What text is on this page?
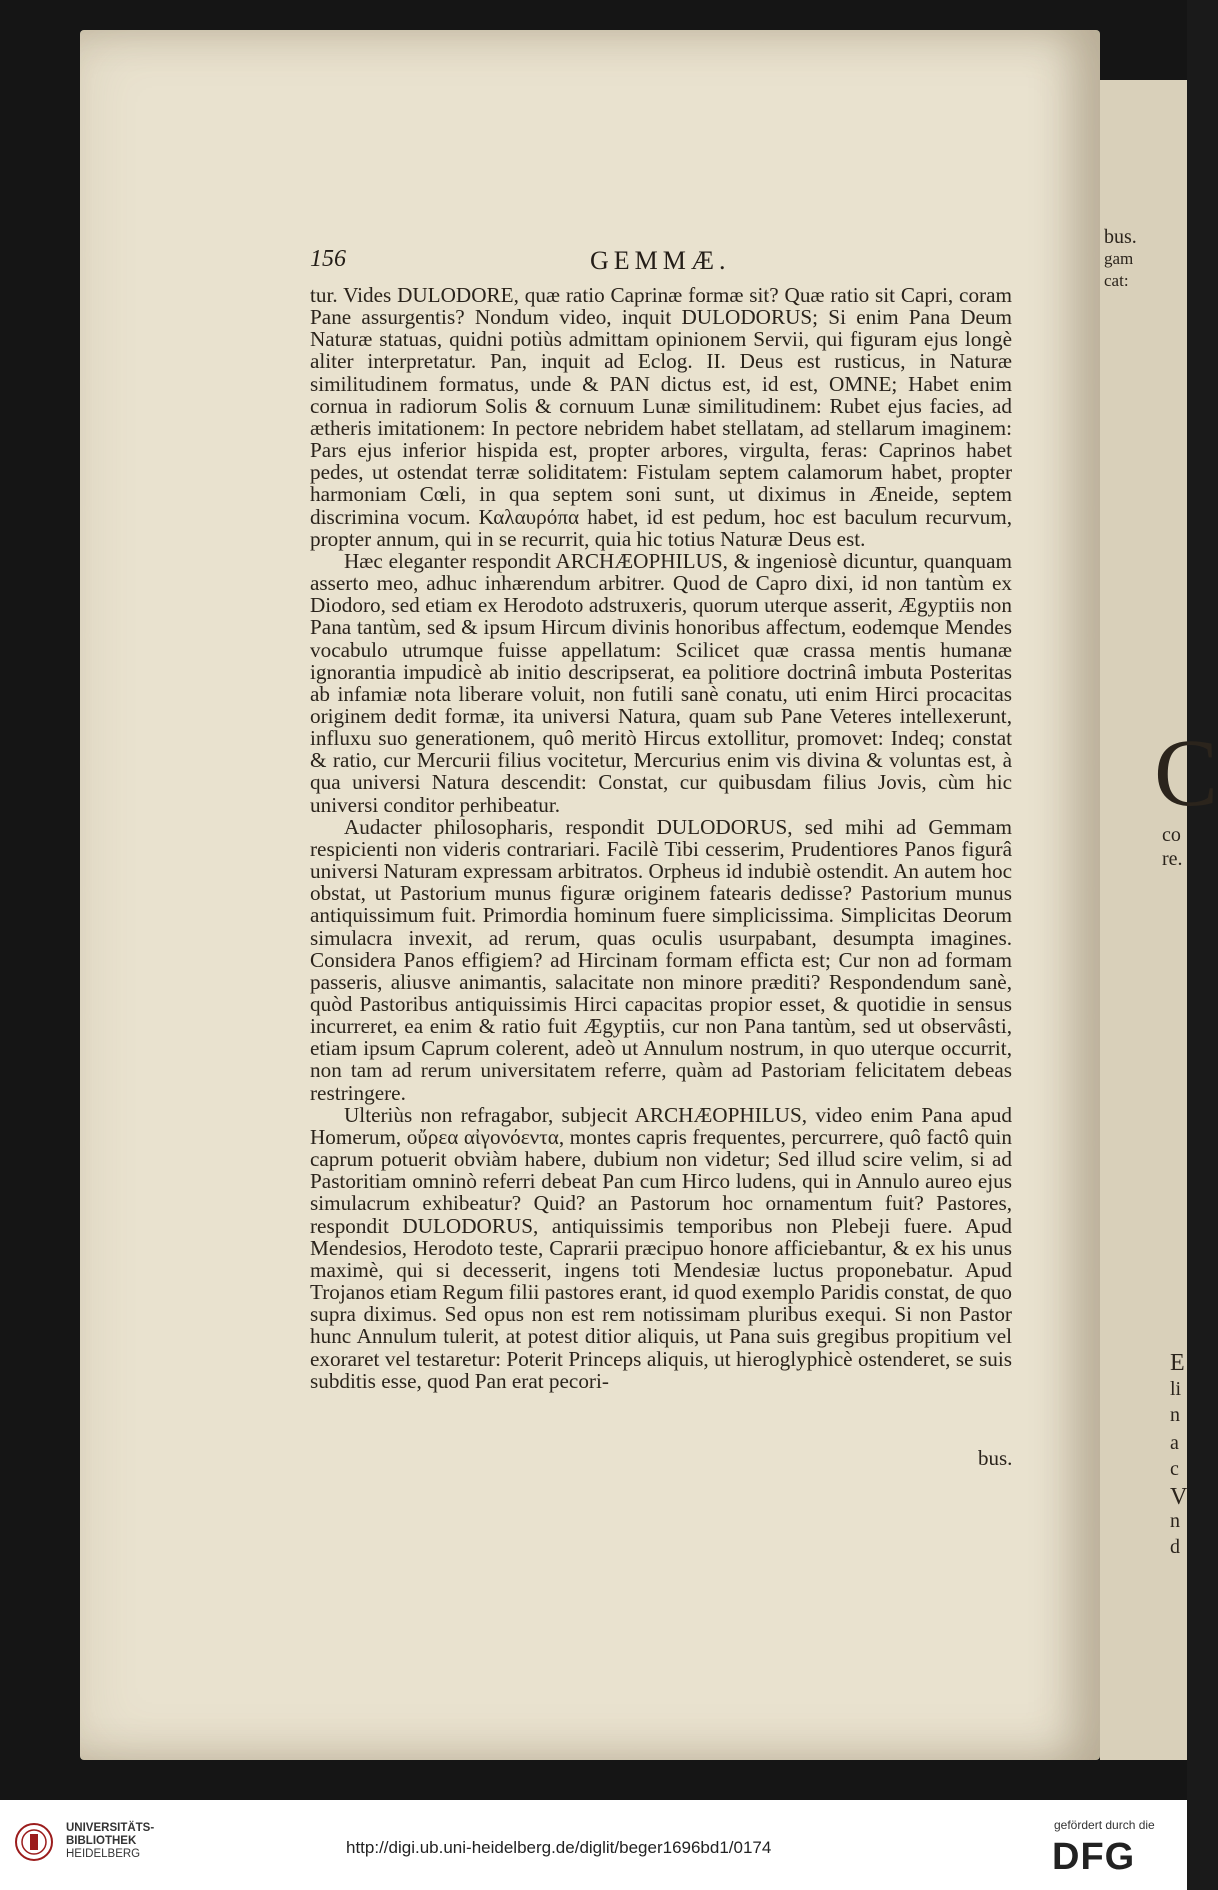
bus.
gam
cat:
C
co
re.
E
li
n
a
c
V
n
d
156	GEMMÆ.

tur. Vides DULODORE, quæ ratio Caprinæ formæ sit? Quæ ratio sit Capri, coram Pane assurgentis? Nondum video, inquit DULODORUS; Si enim Pana Deum Naturæ statuas, quidni potiùs admittam opinionem Servii, qui figuram ejus longè aliter interpretatur. Pan, inquit ad Eclog. II. Deus est rusticus, in Naturæ similitudinem formatus, unde & PAN dictus est, id est, OMNE; Habet enim cornua in radiorum Solis & cornuum Lunæ similitudinem: Rubet ejus facies, ad ætheris imitationem: In pectore nebridem habet stellatam, ad stellarum imaginem: Pars ejus inferior hispida est, propter arbores, virgulta, feras: Caprinos habet pedes, ut ostendat terræ soliditatem: Fistulam septem calamorum habet, propter harmoniam Cœli, in qua septem soni sunt, ut diximus in Æneide, septem discrimina vocum. Καλαυρόπα habet, id est pedum, hoc est baculum recurvum, propter annum, qui in se recurrit, quia hic totius Naturæ Deus est.

Hæc eleganter respondit ARCHÆOPHILUS, & ingeniosè dicuntur, quanquam asserto meo, adhuc inhærendum arbitrer. Quod de Capro dixi, id non tantùm ex Diodoro, sed etiam ex Herodoto adstruxeris, quorum uterque asserit, Ægyptiis non Pana tantùm, sed & ipsum Hircum divinis honoribus affectum, eodemque Mendes vocabulo utrumque fuisse appellatum: Scilicet quæ crassa mentis humanæ ignorantia impudicè ab initio descripserat, ea politiore doctrinâ imbuta Posteritas ab infamiæ nota liberare voluit, non futili sanè conatu, uti enim Hirci procacitas originem dedit formæ, ita universi Natura, quam sub Pane Veteres intellexerunt, influxu suo generationem, quô meritò Hircus extollitur, promovet: Indeq; constat & ratio, cur Mercurii filius vocitetur, Mercurius enim vis divina & voluntas est, à qua universi Natura descendit: Constat, cur quibusdam filius Jovis, cùm hic universi conditor perhibeatur.

Audacter philosopharis, respondit DULODORUS, sed mihi ad Gemmam respicienti non videris contrariari. Facilè Tibi cesserim, Prudentiores Panos figurâ universi Naturam expressam arbitratos. Orpheus id indubiè ostendit. An autem hoc obstat, ut Pastorium munus figuræ originem fatearis dedisse? Pastorium munus antiquissimum fuit. Primordia hominum fuere simplicissima. Simplicitas Deorum simulacra invexit, ad rerum, quas oculis usurpabant, desumpta imagines. Considera Panos effigiem? ad Hircinam formam efficta est; Cur non ad formam passeris, aliusve animantis, salacitate non minore præditi? Respondendum sanè, quòd Pastoribus antiquissimis Hirci capacitas propior esset, & quotidie in sensus incurreret, ea enim & ratio fuit Ægyptiis, cur non Pana tantùm, sed ut observâsti, etiam ipsum Caprum colerent, adeò ut Annulum nostrum, in quo uterque occurrit, non tam ad rerum universitatem referre, quàm ad Pastoriam felicitatem debeas restringere.

Ulteriùs non refragabor, subjecit ARCHÆOPHILUS, video enim Pana apud Homerum, οὔρεα αἰγονόεντα, montes capris frequentes, percurrere, quô factô quin caprum potuerit obviàm habere, dubium non videtur; Sed illud scire velim, si ad Pastoritiam omninò referri debeat Pan cum Hirco ludens, qui in Annulo aureo ejus simulacrum exhibeatur? Quid? an Pastorum hoc ornamentum fuit? Pastores, respondit DULODORUS, antiquissimis temporibus non Plebeji fuere. Apud Mendesios, Herodoto teste, Caprarii præcipuo honore afficiebantur, & ex his unus maximè, qui si decesserit, ingens toti Mendesiæ luctus proponebatur. Apud Trojanos etiam Regum filii pastores erant, id quod exemplo Paridis constat, de quo supra diximus. Sed opus non est rem notissimam pluribus exequi. Si non Pastor hunc Annulum tulerit, at potest ditior aliquis, ut Pana suis gregibus propitium vel exoraret vel testaretur: Poterit Princeps aliquis, ut hieroglyphicè ostenderet, se suis subditis esse, quod Pan erat pecori-

bus.
UNIVERSITÄTS-
BIBLIOTHEK
HEIDELBERG	http://digi.ub.uni-heidelberg.de/diglit/beger1696bd1/0174
gefördert durch die
DFG
